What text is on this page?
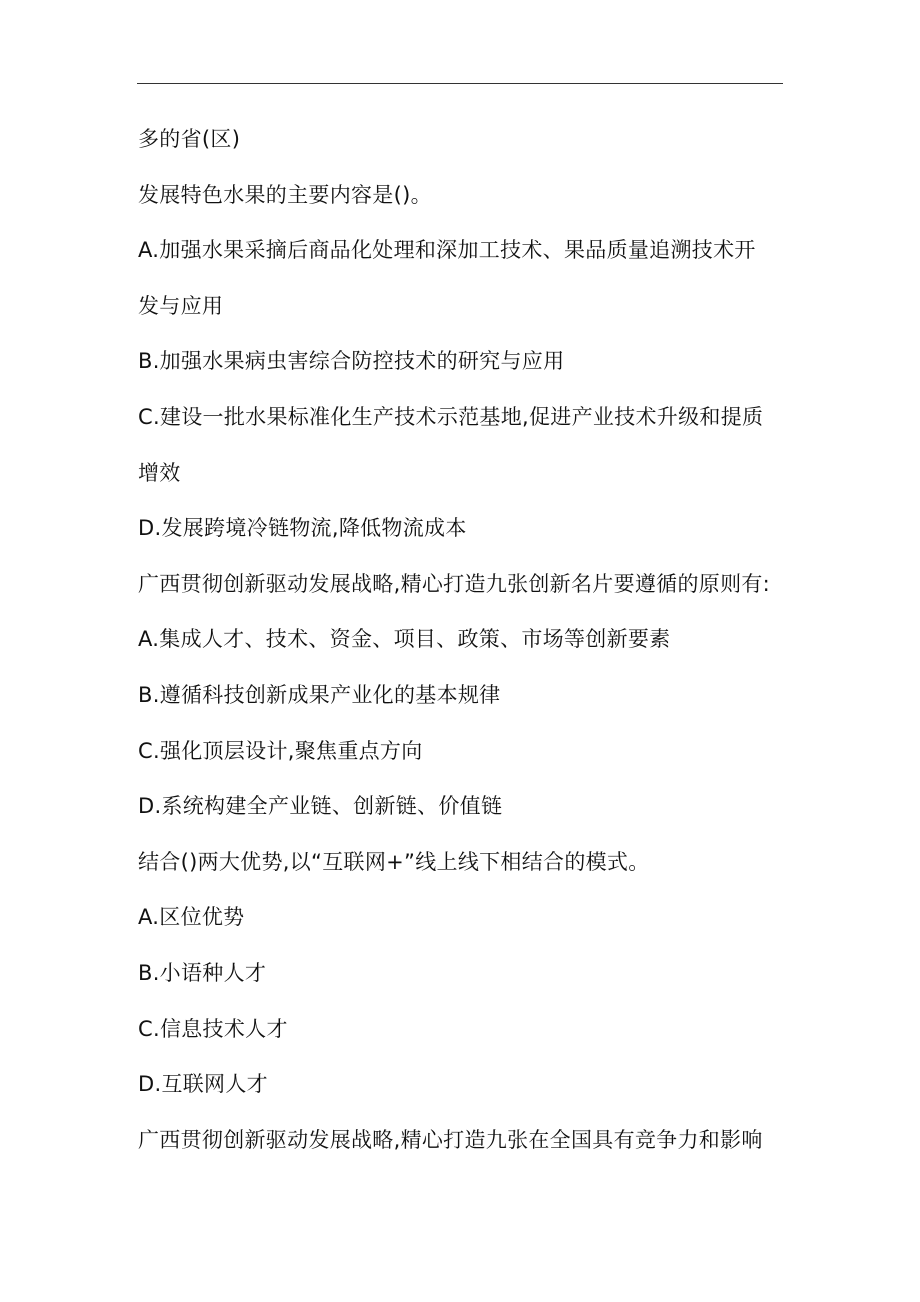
多的省(区)
发展特色水果的主要内容是()。
A.加强水果采摘后商品化处理和深加工技术、果品质量追溯技术开
发与应用
B.加强水果病虫害综合防控技术的研究与应用
C.建设一批水果标准化生产技术示范基地,促进产业技术升级和提质
增效
D.发展跨境冷链物流,降低物流成本
广西贯彻创新驱动发展战略,精心打造九张创新名片要遵循的原则有:
A.集成人才、技术、资金、项目、政策、市场等创新要素
B.遵循科技创新成果产业化的基本规律
C.强化顶层设计,聚焦重点方向
D.系统构建全产业链、创新链、价值链
结合()两大优势,以“互联网+”线上线下相结合的模式。
A.区位优势
B.小语种人才
C.信息技术人才
D.互联网人才
广西贯彻创新驱动发展战略,精心打造九张在全国具有竞争力和影响
